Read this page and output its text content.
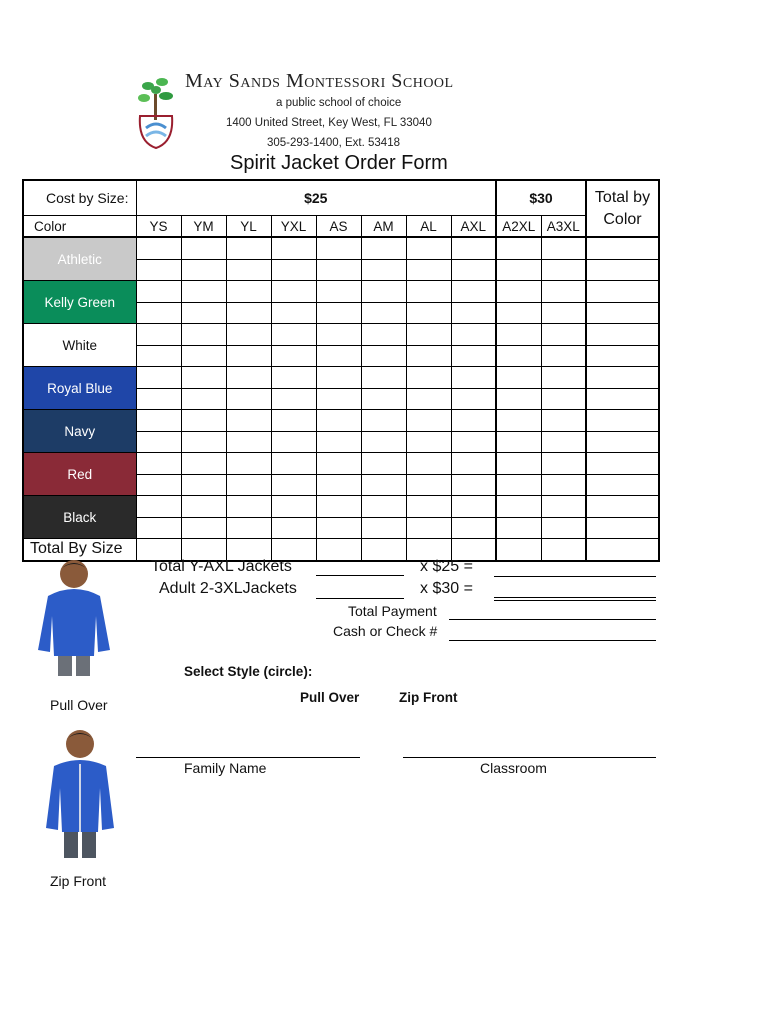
May Sands Montessori School
a public school of choice
1400 United Street, Key West, FL 33040
305-293-1400, Ext. 53418
Spirit Jacket Order Form
Cost by Size:	$25								$30		Total by Color
Color	YS	YM	YL	YXL	AS	AM	AL	AXL	A2XL	A3XL	
Athletic											

Kelly Green											

White											

Royal Blue											

Navy											

Red											

Black											

Total By Size											
Total Y-AXL Jackets	x $25 =
Adult 2-3XLJackets	x $30 =
Total Payment
Cash or Check #
Select Style (circle):
Pull Over	Zip Front
Pull Over
Zip Front
Family Name	Classroom
